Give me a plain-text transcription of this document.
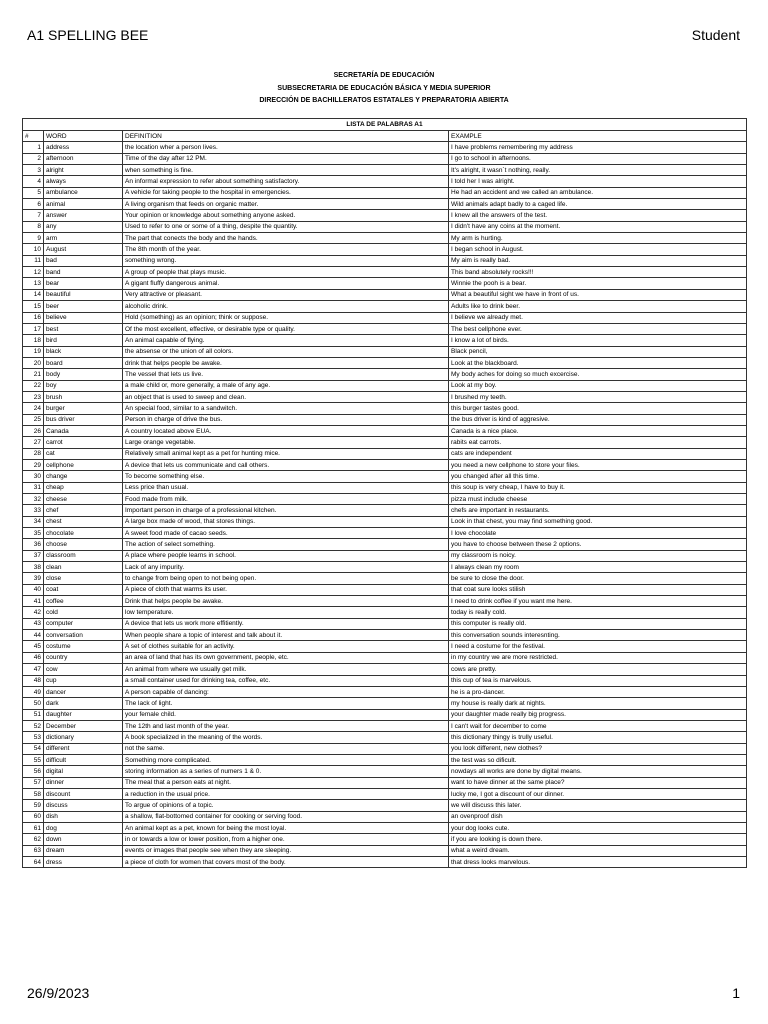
A1 SPELLING BEE	Student
SECRETARÍA DE EDUCACIÓN
SUBSECRETARIA DE EDUCACIÓN BÁSICA Y MEDIA SUPERIOR
DIRECCIÓN DE BACHILLERATOS ESTATALES Y PREPARATORIA ABIERTA
LISTA DE PALABRAS A1			
#	WORD	DEFINITION	EXAMPLE
1	address	the location wher a person lives.	I have problems remembering my address
2	afternoon	Time of the day after 12 PM.	I go to school in afternoons.
3	alright	when something is fine.	It's alright, it wasn´t nothing, really.
4	always	An informal expression to refer about something satisfactory.	I told her I was alright.
5	ambulance	A vehicle for taking people to the hospital in emergencies.	He had an accident and we called an ambulance.
6	animal	A living organism that feeds on organic matter.	Wild animals adapt badly to a caged life.
7	answer	Your opinion or knowledge about something anyone asked.	I knew all the answers of the test.
8	any	Used to refer to one or some of a thing, despite the quantity.	I didn't have any coins at the moment.
9	arm	The part that conects the body and the hands.	My arm is hurting.
10	August	The 8th month of the year.	I began school in August.
11	bad	something wrong.	My aim is really bad.
12	band	A group of people that plays music.	This band absolutely rocks!!!
13	bear	A gigant fluffy dangerous animal.	Winnie the pooh is a bear.
14	beautiful	Very attractive or pleasant.	What a beautiful sight we have in front of us.
15	beer	alcoholic drink.	Adults like to drink beer.
16	believe	Hold (something) as an opinion; think or suppose.	I believe we already met.
17	best	Of the most excellent, effective, or desirable type or quality.	The best cellphone ever.
18	bird	An animal capable of flying.	I know a lot of birds.
19	black	the absense or the union of all colors.	Black pencil,
20	board	drink that helps people be awake.	Look at the blackboard.
21	body	The vessel that lets us live.	My body aches for doing so much excercise.
22	boy	a male child or, more generally, a male of any age.	Look at my boy.
23	brush	an object that is used to sweep and clean.	I brushed my teeth.
24	burger	An special food, similar to a sandwitch.	this burger tastes good.
25	bus driver	Person in charge of drive the bus.	the bus driver is kind of aggresive.
26	Canada	A country located above EUA.	Canada is a nice place.
27	carrot	Large orange vegetable.	rabits eat carrots.
28	cat	Relatively small animal kept as a pet for hunting mice.	cats are independent
29	cellphone	A device that lets us communicate and call others.	you need a new cellphone to store your files.
30	change	To become something else.	you changed after all this time.
31	cheap	Less price than usual.	this soup is very cheap, I have to buy it.
32	cheese	Food made from milk.	pizza must include cheese
33	chef	Important person in charge of a professional kitchen.	chefs are important in restaurants.
34	chest	A large box made of wood, that stores things.	Look in that chest, you may find something good.
35	chocolate	A sweet food made of cacao seeds.	I love chocolate
36	choose	The action of select something.	you have to choose between these 2 options.
37	classroom	A place where people learns in school.	my classroom is noicy.
38	clean	Lack of any impurity.	I always clean my room
39	close	to change from being open to not being open.	be sure to close the door.
40	coat	A piece of cloth that warms its user.	that coat sure looks stilish
41	coffee	Drink that helps people be awake.	I need to drink coffee if you want me here.
42	cold	low temperature.	today is really cold.
43	computer	A device that lets us work more effitiently.	this computer is really old.
44	conversation	When people share a topic of interest and talk about it.	this conversation sounds interesnting.
45	costume	A set of clothes suitable for an activity.	I need a costume for the festival.
46	country	an area of land that has its own government, people, etc.	in my country we are more restricted.
47	cow	An animal from where we usually get milk.	cows are pretty.
48	cup	a small container used for drinking tea, coffee, etc.	this cup of tea is marvelous.
49	dancer	A person capable of dancing:	he is a pro-dancer.
50	dark	The lack of light.	my house is really dark at nights.
51	daughter	your female child.	your daughter made really big progress.
52	December	The 12th and last month of the year.	I can't wait for december to come
53	dictionary	A book specialized in the meaning of the words.	this dictionary thingy is trully useful.
54	different	not the same.	you look different, new clothes?
55	difficult	Something more complicated.	the test was so dificult.
56	digital	storing information as a series of numers 1 & 0.	nowdays all works are done by digital means.
57	dinner	The meal that a person eats at night.	want to have dinner at the same place?
58	discount	a reduction in the usual price.	lucky me, I got a discount of our dinner.
59	discuss	To argue of opinions of a topic.	we will discuss this later.
60	dish	a shallow, flat-bottomed container for cooking or serving food.	an ovenproof dish
61	dog	An animal kept as a pet, known for being the most loyal.	your dog looks cute.
62	down	in or towards a low or lower position, from a higher one.	if you are looking is down there.
63	dream	events or images that people see when they are sleeping.	what a weird dream.
64	dress	a piece of cloth for women that covers most of the body.	that dress looks marvelous.
26/9/2023	1
